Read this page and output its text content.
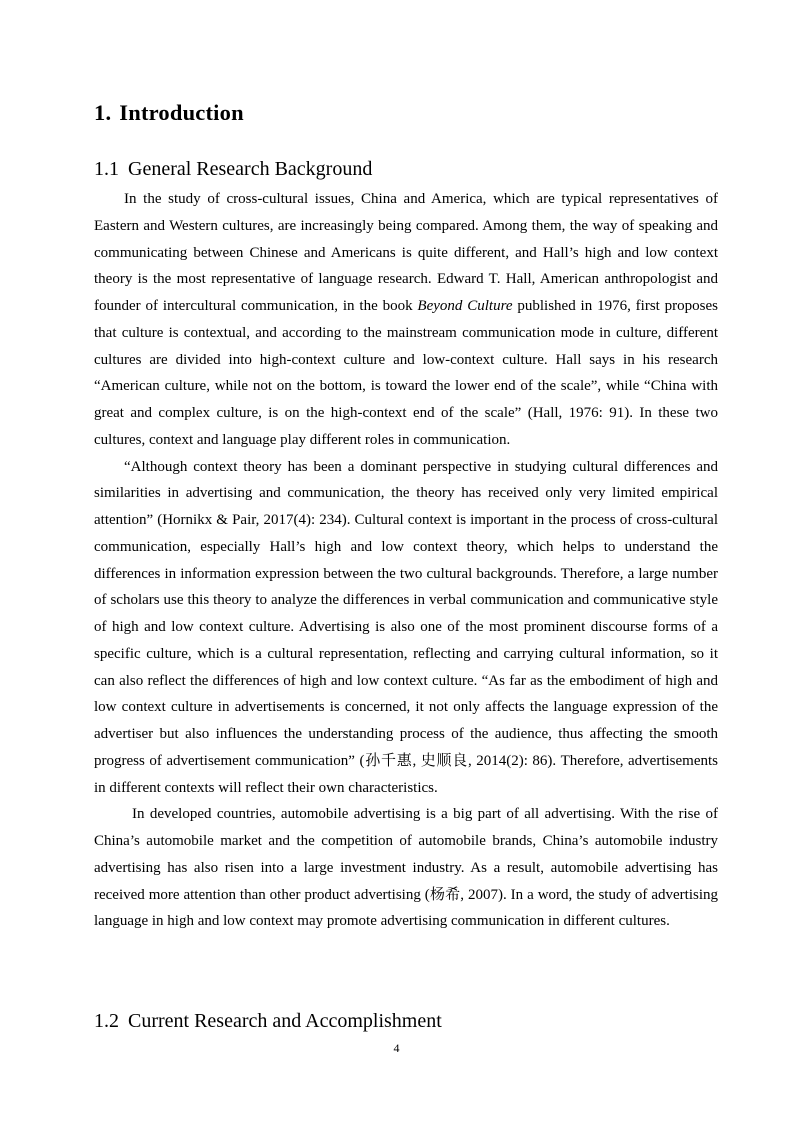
1. Introduction
1.1 General Research Background

In the study of cross-cultural issues, China and America, which are typical representatives of Eastern and Western cultures, are increasingly being compared. Among them, the way of speaking and communicating between Chinese and Americans is quite different, and Hall’s high and low context theory is the most representative of language research. Edward T. Hall, American anthropologist and founder of intercultural communication, in the book Beyond Culture published in 1976, first proposes that culture is contextual, and according to the mainstream communication mode in culture, different cultures are divided into high-context culture and low-context culture. Hall says in his research “American culture, while not on the bottom, is toward the lower end of the scale”, while “China with great and complex culture, is on the high-context end of the scale” (Hall, 1976: 91). In these two cultures, context and language play different roles in communication.

“Although context theory has been a dominant perspective in studying cultural differences and similarities in advertising and communication, the theory has received only very limited empirical attention” (Hornikx & Pair, 2017(4): 234). Cultural context is important in the process of cross-cultural communication, especially Hall’s high and low context theory, which helps to understand the differences in information expression between the two cultural backgrounds. Therefore, a large number of scholars use this theory to analyze the differences in verbal communication and communicative style of high and low context culture. Advertising is also one of the most prominent discourse forms of a specific culture, which is a cultural representation, reflecting and carrying cultural information, so it can also reflect the differences of high and low context culture. “As far as the embodiment of high and low context culture in advertisements is concerned, it not only affects the language expression of the advertiser but also influences the understanding process of the audience, thus affecting the smooth progress of advertisement communication” (孙千惠, 史顺良, 2014(2): 86). Therefore, advertisements in different contexts will reflect their own characteristics.

In developed countries, automobile advertising is a big part of all advertising. With the rise of China’s automobile market and the competition of automobile brands, China’s automobile industry advertising has also risen into a large investment industry. As a result, automobile advertising has received more attention than other product advertising (杨希, 2007). In a word, the study of advertising language in high and low context may promote advertising communication in different cultures.

1.2 Current Research and Accomplishment
4
